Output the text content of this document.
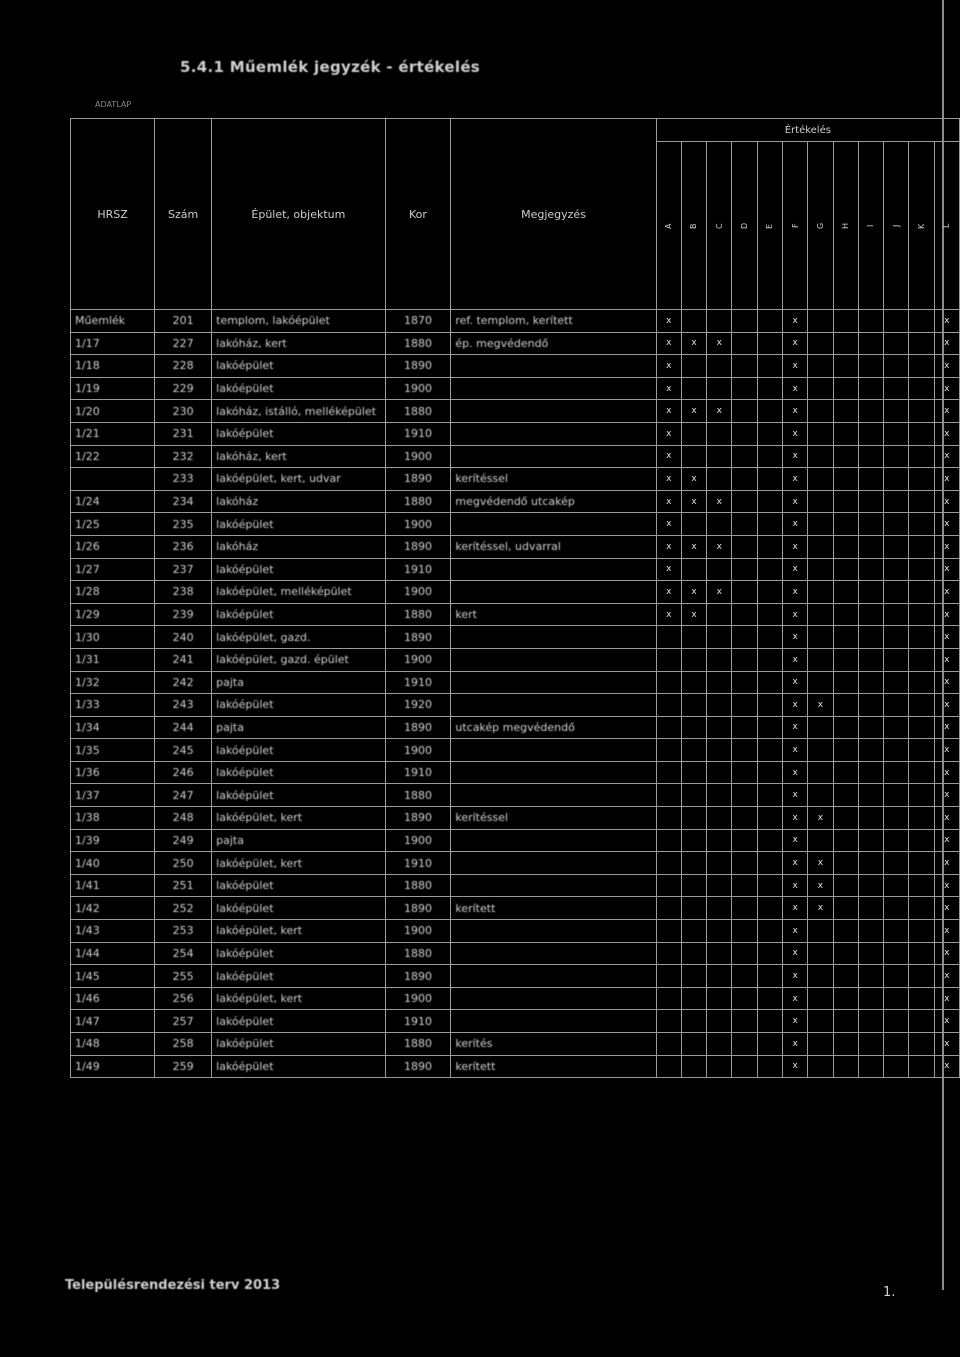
ADATLAP
5.4.1 Műemlék jegyzék - értékelés
HRSZ	Szám	Épület, objektum	Kor	Megjegyzés	Értékelés											
					A	B	C	D	E	F	G	H	I	J	K	L
Műemlék	201	templom, lakóépület	1870	ref. templom, kerített	x					x						x
1/17	227	lakóház, kert	1880	ép. megvédendő	x	x	x			x						x
1/18	228	lakóépület	1890		x					x						x
1/19	229	lakóépület	1900		x					x						x
1/20	230	lakóház, istálló, melléképület	1880		x	x	x			x						x
1/21	231	lakóépület	1910		x					x						x
1/22	232	lakóház, kert	1900		x					x						x
	233	lakóépület, kert, udvar	1890	kerítéssel	x	x				x						x
1/24	234	lakóház	1880	megvédendő utcakép	x	x	x			x						x
1/25	235	lakóépület	1900		x					x						x
1/26	236	lakóház	1890	kerítéssel, udvarral	x	x	x			x						x
1/27	237	lakóépület	1910		x					x						x
1/28	238	lakóépület, melléképület	1900		x	x	x			x						x
1/29	239	lakóépület	1880	kert	x	x				x						x
1/30	240	lakóépület, gazd.	1890							x						x
1/31	241	lakóépület, gazd. épület	1900							x						x
1/32	242	pajta	1910							x						x
1/33	243	lakóépület	1920							x	x					x
1/34	244	pajta	1890	utcakép megvédendő						x						x
1/35	245	lakóépület	1900							x						x
1/36	246	lakóépület	1910							x						x
1/37	247	lakóépület	1880							x						x
1/38	248	lakóépület, kert	1890	kerítéssel						x	x					x
1/39	249	pajta	1900							x						x
1/40	250	lakóépület, kert	1910							x	x					x
1/41	251	lakóépület	1880							x	x					x
1/42	252	lakóépület	1890	kerített						x	x					x
1/43	253	lakóépület, kert	1900							x						x
1/44	254	lakóépület	1880							x						x
1/45	255	lakóépület	1890							x						x
1/46	256	lakóépület, kert	1900							x						x
1/47	257	lakóépület	1910							x						x
1/48	258	lakóépület	1880	kerítés						x						x
1/49	259	lakóépület	1890	kerített						x						x
Településrendezési terv 2013	1.
